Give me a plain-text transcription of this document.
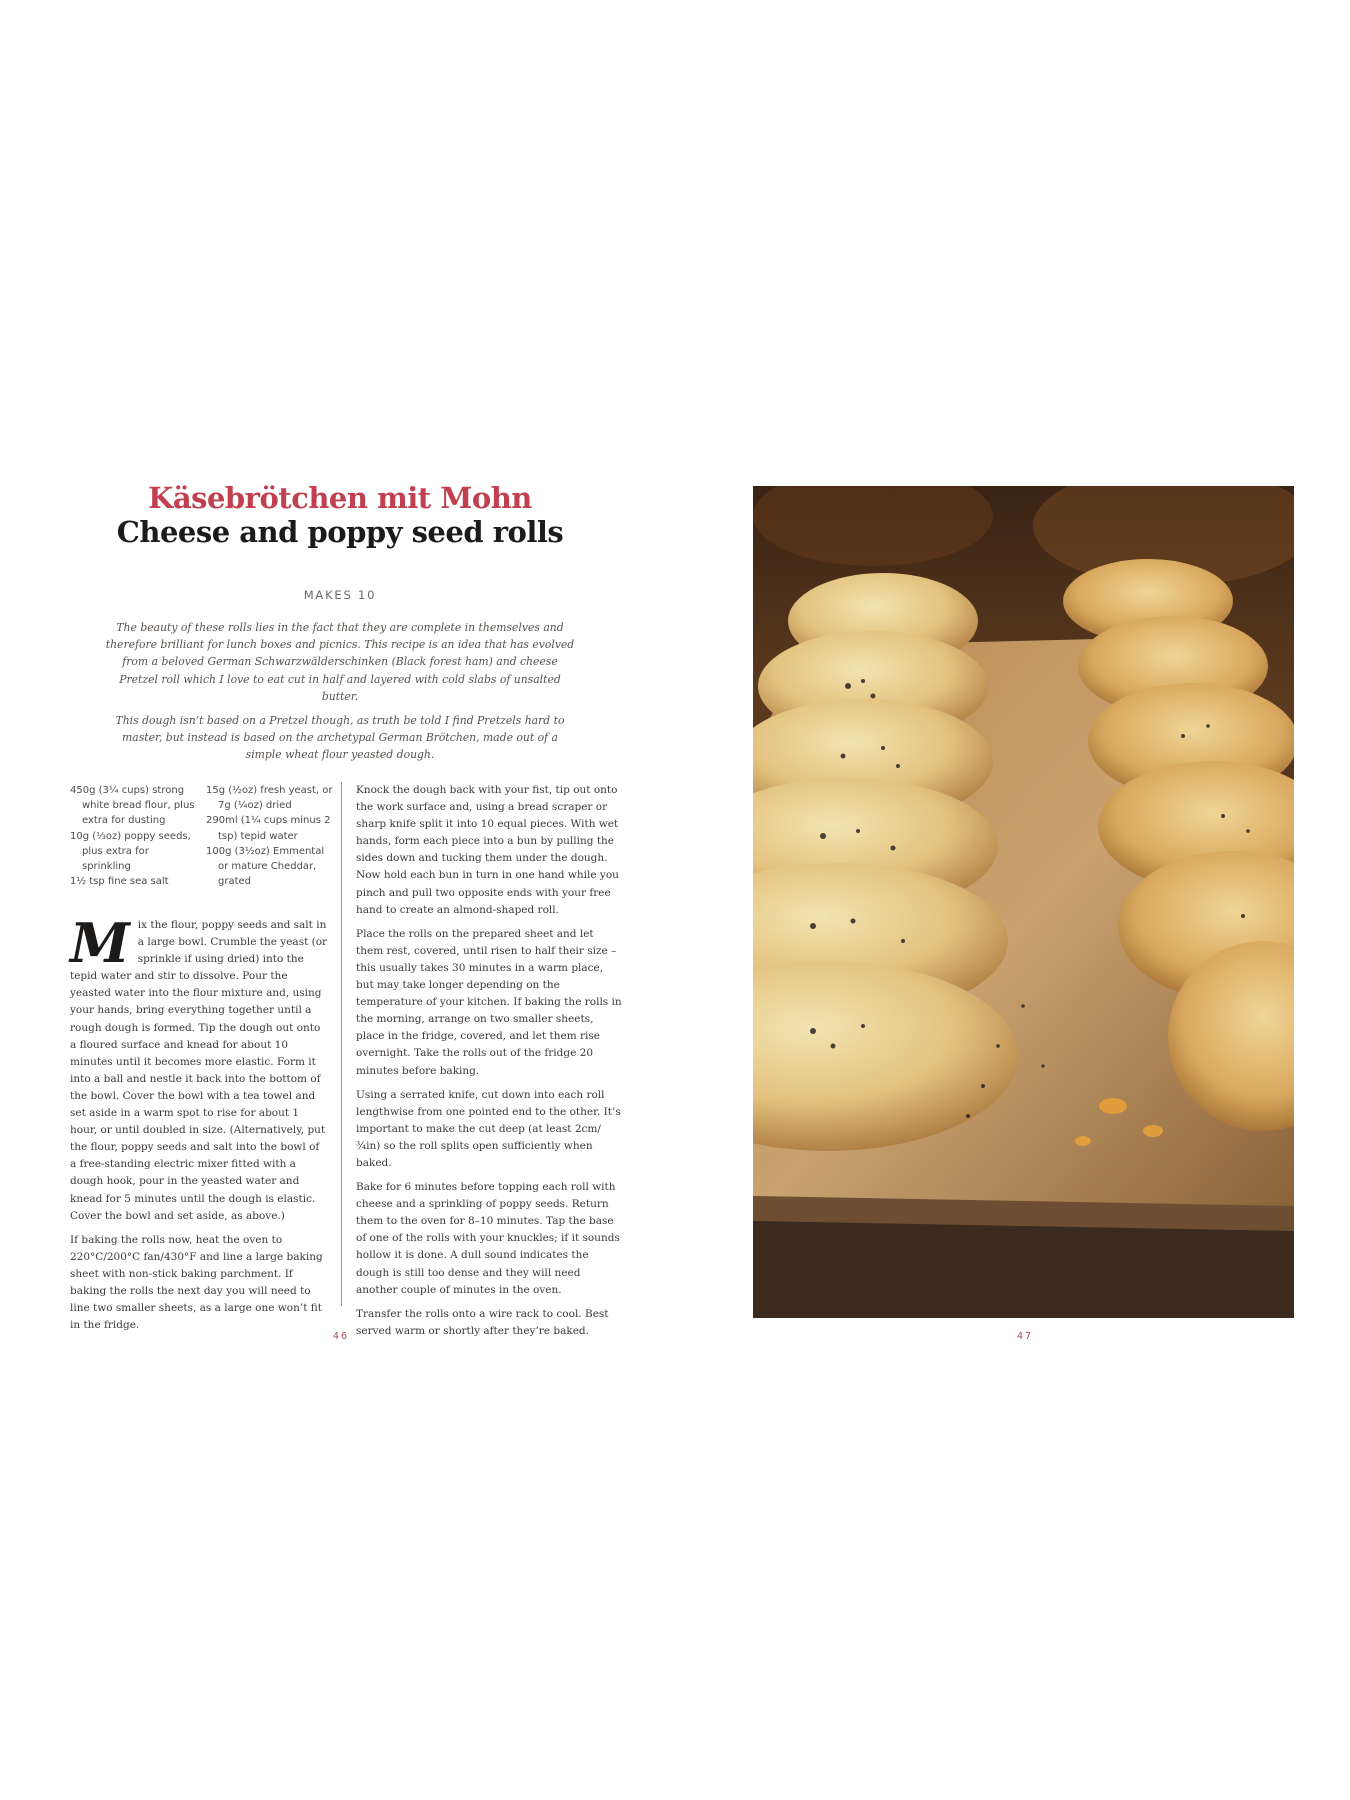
Käsebrötchen mit Mohn
Cheese and poppy seed rolls
MAKES 10

The beauty of these rolls lies in the fact that they are complete in themselves and therefore brilliant for lunch boxes and picnics. This recipe is an idea that has evolved from a beloved German Schwarzwälderschinken (Black forest ham) and cheese Pretzel roll which I love to eat cut in half and layered with cold slabs of unsalted butter.

This dough isn’t based on a Pretzel though, as truth be told I find Pretzels hard to master, but instead is based on the archetypal German Brötchen, made out of a simple wheat flour yeasted dough.

450g (3¼ cups) strong white bread flour, plus extra for dusting

10g (⅓oz) poppy seeds, plus extra for sprinkling

1½ tsp fine sea salt

15g (½oz) fresh yeast, or 7g (¼oz) dried

290ml (1¼ cups minus 2 tsp) tepid water

100g (3½oz) Emmental or mature Cheddar, grated

Mix the flour, poppy seeds and salt in a large bowl. Crumble the yeast (or sprinkle if using dried) into the tepid water and stir to dissolve. Pour the yeasted water into the flour mixture and, using your hands, bring everything together until a rough dough is formed. Tip the dough out onto a floured surface and knead for about 10 minutes until it becomes more elastic. Form it into a ball and nestle it back into the bottom of the bowl. Cover the bowl with a tea towel and set aside in a warm spot to rise for about 1 hour, or until doubled in size. (Alternatively, put the flour, poppy seeds and salt into the bowl of a free-standing electric mixer fitted with a dough hook, pour in the yeasted water and knead for 5 minutes until the dough is elastic. Cover the bowl and set aside, as above.)

If baking the rolls now, heat the oven to 220°C/200°C fan/430°F and line a large baking sheet with non-stick baking parchment. If baking the rolls the next day you will need to line two smaller sheets, as a large one won’t fit in the fridge.

Knock the dough back with your fist, tip out onto the work surface and, using a bread scraper or sharp knife split it into 10 equal pieces. With wet hands, form each piece into a bun by pulling the sides down and tucking them under the dough. Now hold each bun in turn in one hand while you pinch and pull two opposite ends with your free hand to create an almond-shaped roll.

Place the rolls on the prepared sheet and let them rest, covered, until risen to half their size – this usually takes 30 minutes in a warm place, but may take longer depending on the temperature of your kitchen. If baking the rolls in the morning, arrange on two smaller sheets, place in the fridge, covered, and let them rise overnight. Take the rolls out of the fridge 20 minutes before baking.

Using a serrated knife, cut down into each roll lengthwise from one pointed end to the other. It’s important to make the cut deep (at least 2cm/¾in) so the roll splits open sufficiently when baked.

Bake for 6 minutes before topping each roll with cheese and a sprinkling of poppy seeds. Return them to the oven for 8–10 minutes. Tap the base of one of the rolls with your knuckles; if it sounds hollow it is done. A dull sound indicates the dough is still too dense and they will need another couple of minutes in the oven.

Transfer the rolls onto a wire rack to cool. Best served warm or shortly after they’re baked.

46	47
